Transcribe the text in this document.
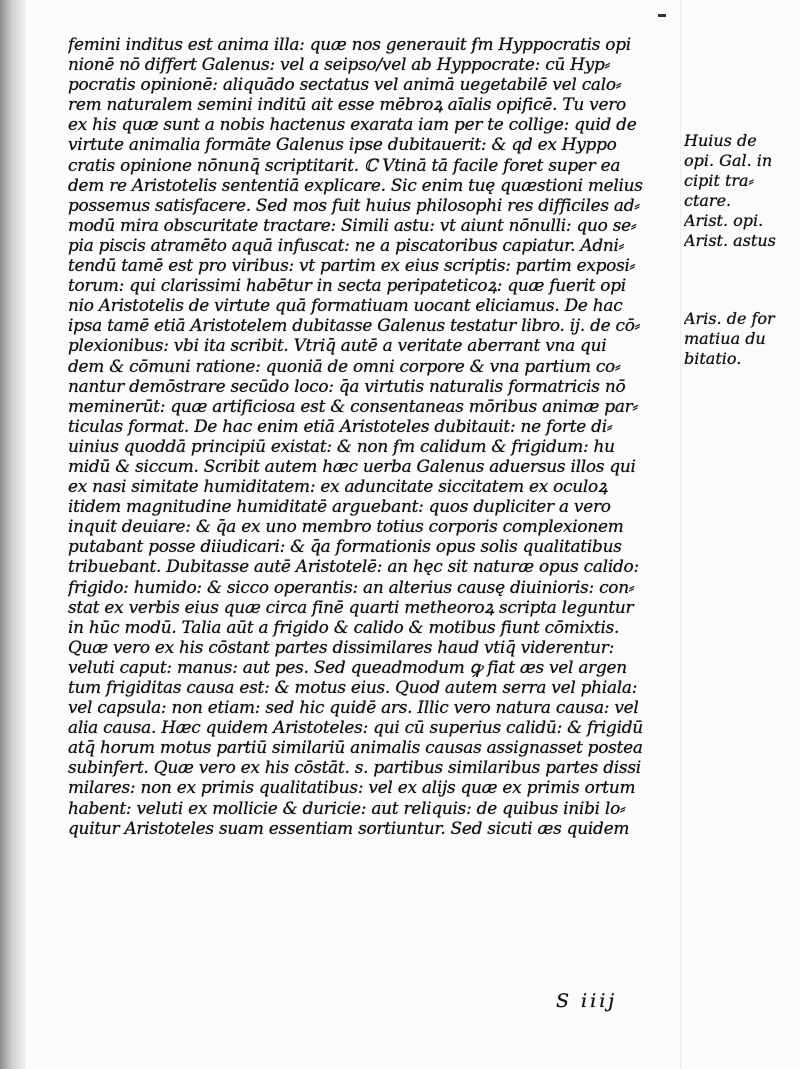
femini inditus est anima illa: quæ nos generauit ẜm Hyppocratis opi
nionē nō differt Galenus: vel a seipso/vel ab Hyppocrate: cū Hyp⸗
pocratis opinionē: aliquādo sectatus vel animā uegetabilē vel calo⸗
rem naturalem semini inditū ait esse mēbroꝝ aīalis opificē. Tu vero
ex his quæ sunt a nobis hactenus exarata iam per te collige: quid de
virtute animalia formāte Galenus ipse dubitauerit: & qd ex Hyppo
cratis opinione nōnunq̄ scriptitarit. ℂ Vtinā tā facile foret super ea
dem re Aristotelis sententiā explicare. Sic enim tuę quæstioni melius
possemus satisfacere. Sed mos fuit huius philosophi res difficiles ad⸗
modū mira obscuritate tractare: Simili astu: vt aiunt nōnulli: quo se⸗
pia piscis atramēto aquā infuscat: ne a piscatoribus capiatur. Adni⸗
tendū tamē est pro viribus: vt partim ex eius scriptis: partim exposi⸗
torum: qui clarissimi habētur in secta peripateticoꝝ: quæ fuerit opi
nio Aristotelis de virtute quā formatiuam uocant eliciamus. De hac
ipsa tamē etiā Aristotelem dubitasse Galenus testatur libro. ij. de cō⸗
plexionibus: vbi ita scribit. Vtriq̄ autē a veritate aberrant vna qui
dem & cōmuni ratione: quoniā de omni corpore & vna partium co⸗
nantur demōstrare secūdo loco: q̄a virtutis naturalis formatricis nō
meminerūt: quæ artificiosa est & consentaneas mōribus animæ par⸗
ticulas format. De hac enim etiā Aristoteles dubitauit: ne forte di⸗
uinius quoddā principiū existat: & non ẜm calidum & frigidum: hu
midū & siccum. Scribit autem hæc uerba Galenus aduersus illos qui
ex nasi simitate humiditatem: ex aduncitate siccitatem ex oculoꝝ
itidem magnitudine humiditatē arguebant: quos dupliciter a vero
inquit deuiare: & q̄a ex uno membro totius corporis complexionem
putabant posse diiudicari: & q̄a formationis opus solis qualitatibus
tribuebant. Dubitasse autē Aristotelē: an hęc sit naturæ opus calido:
frigido: humido: & sicco operantis: an alterius causę diuinioris: con⸗
stat ex verbis eius quæ circa finē quarti metheoroꝝ scripta leguntur
in hūc modū. Talia aūt a frigido & calido & motibus fiunt cōmixtis.
Quæ vero ex his cōstant partes dissimilares haud vtiq̄ viderentur:
veluti caput: manus: aut pes. Sed queadmodum ꝙ fiat æs vel argen
tum frigiditas causa est: & motus eius. Quod autem serra vel phiala:
vel capsula: non etiam: sed hic quidē ars. Illic vero natura causa: vel
alia causa. Hæc quidem Aristoteles: qui cū superius calidū: & frigidū
atq̄ horum motus partiū similariū animalis causas assignasset postea
subinfert. Quæ vero ex his cōstāt. s. partibus similaribus partes dissi
milares: non ex primis qualitatibus: vel ex alijs quæ ex primis ortum
habent: veluti ex mollicie & duricie: aut reliquis: de quibus inibi lo⸗
quitur Aristoteles suam essentiam sortiuntur. Sed sicuti æs quidem
Huius de
opi. Gal. in
cipit tra⸗
ctare.
Arist. opi.
Arist. astus
Aris. de for
matiua du
bitatio.
S iiij
